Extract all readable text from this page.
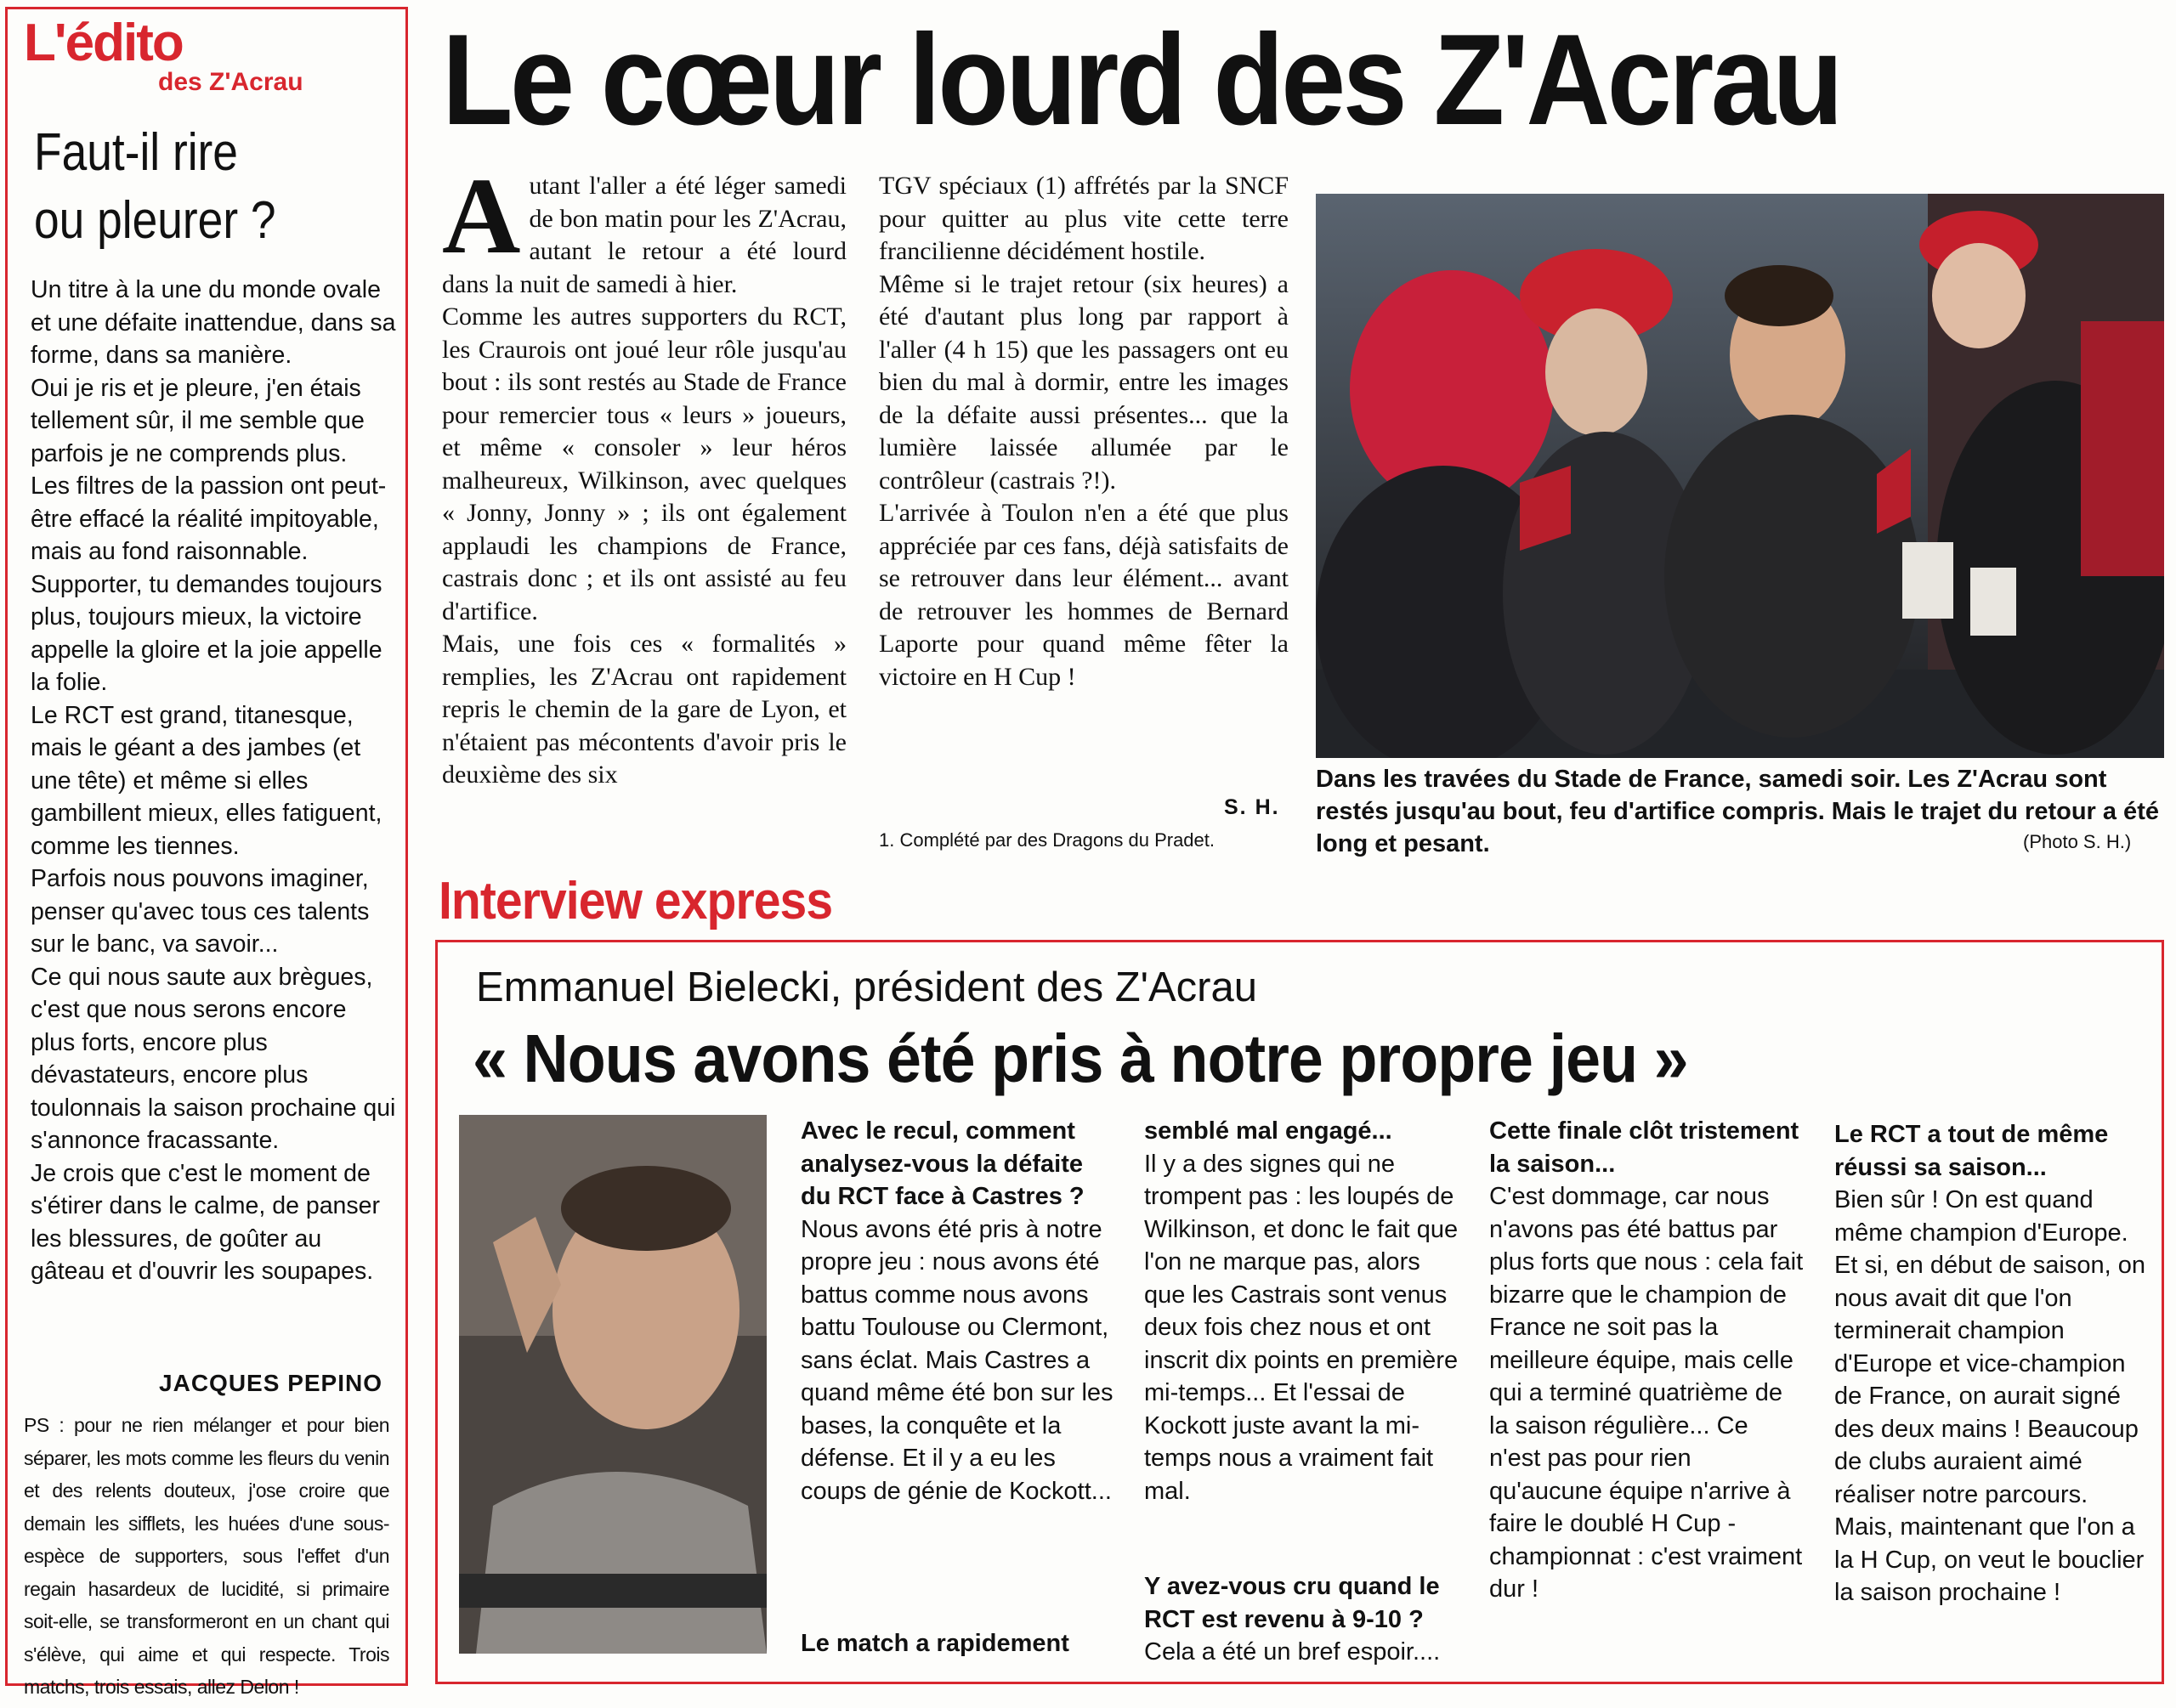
L'édito
des Z'Acrau
Faut-il rire
ou pleurer ?

Un titre à la une du monde ovale et une défaite inattendue, dans sa forme, dans sa manière.

Oui je ris et je pleure, j'en étais tellement sûr, il me semble que parfois je ne comprends plus.

Les filtres de la passion ont peut-être effacé la réalité impitoyable, mais au fond raisonnable.

Supporter, tu demandes toujours plus, toujours mieux, la victoire appelle la gloire et la joie appelle la folie.

Le RCT est grand, titanesque, mais le géant a des jambes (et une tête) et même si elles gambillent mieux, elles fatiguent, comme les tiennes.

Parfois nous pouvons imaginer, penser qu'avec tous ces talents sur le banc, va savoir...

Ce qui nous saute aux brègues, c'est que nous serons encore plus forts, encore plus dévastateurs, encore plus toulonnais la saison prochaine qui s'annonce fracassante.

Je crois que c'est le moment de s'étirer dans le calme, de panser les blessures, de goûter au gâteau et d'ouvrir les soupapes.

JACQUES PEPINO
PS : pour ne rien mélanger et pour bien séparer, les mots comme les fleurs du venin et des relents douteux, j'ose croire que demain les sifflets, les huées d'une sous-espèce de supporters, sous l'effet d'un regain hasardeux de lucidité, si primaire soit-elle, se transformeront en un chant qui s'élève, qui aime et qui respecte. Trois matchs, trois essais, allez Delon !
Le cœur lourd des Z'Acrau

Autant l'aller a été léger samedi de bon matin pour les Z'Acrau, autant le retour a été lourd dans la nuit de samedi à hier.

Comme les autres supporters du RCT, les Craurois ont joué leur rôle jusqu'au bout : ils sont restés au Stade de France pour remercier tous « leurs » joueurs, et même « consoler » leur héros malheureux, Wilkinson, avec quelques « Jonny, Jonny » ; ils ont également applaudi les champions de France, castrais donc ; et ils ont assisté au feu d'artifice.

Mais, une fois ces « formalités » remplies, les Z'Acrau ont rapidement repris le chemin de la gare de Lyon, et n'étaient pas mécontents d'avoir pris le deuxième des six

TGV spéciaux (1) affrétés par la SNCF pour quitter au plus vite cette terre francilienne décidément hostile.

Même si le trajet retour (six heures) a été d'autant plus long par rapport à l'aller (4 h 15) que les passagers ont eu bien du mal à dormir, entre les images de la défaite aussi présentes... que la lumière laissée allumée par le contrôleur (castrais ?!).

L'arrivée à Toulon n'en a été que plus appréciée par ces fans, déjà satisfaits de se retrouver dans leur élément... avant de retrouver les hommes de Bernard Laporte pour quand même fêter la victoire en H Cup !

S. H.
1. Complété par des Dragons du Pradet.
Dans les travées du Stade de France, samedi soir. Les Z'Acrau sont restés jusqu'au bout, feu d'artifice compris. Mais le trajet du retour a été long et pesant.	(Photo S. H.)
Interview express
Emmanuel Bielecki, président des Z'Acrau
« Nous avons été pris à notre propre jeu »

Avec le recul, comment analysez-vous la défaite du RCT face à Castres ?

Nous avons été pris à notre propre jeu : nous avons été battus comme nous avons battu Toulouse ou Clermont, sans éclat. Mais Castres a quand même été bon sur les bases, la conquête et la défense. Et il y a eu les coups de génie de Kockott...

Le match a rapidement

semblé mal engagé...

Il y a des signes qui ne trompent pas : les loupés de Wilkinson, et donc le fait que l'on ne marque pas, alors que les Castrais sont venus deux fois chez nous et ont inscrit dix points en première mi-temps... Et l'essai de Kockott juste avant la mi-temps nous a vraiment fait mal.

Y avez-vous cru quand le RCT est revenu à 9-10 ?

Cela a été un bref espoir....

Cette finale clôt tristement la saison...

C'est dommage, car nous n'avons pas été battus par plus forts que nous : cela fait bizarre que le champion de France ne soit pas la meilleure équipe, mais celle qui a terminé quatrième de la saison régulière... Ce n'est pas pour rien qu'aucune équipe n'arrive à faire le doublé H Cup - championnat : c'est vraiment dur !

Le RCT a tout de même réussi sa saison...

Bien sûr ! On est quand même champion d'Europe. Et si, en début de saison, on nous avait dit que l'on terminerait champion d'Europe et vice-champion de France, on aurait signé des deux mains ! Beaucoup de clubs auraient aimé réaliser notre parcours. Mais, maintenant que l'on a la H Cup, on veut le bouclier la saison prochaine !
